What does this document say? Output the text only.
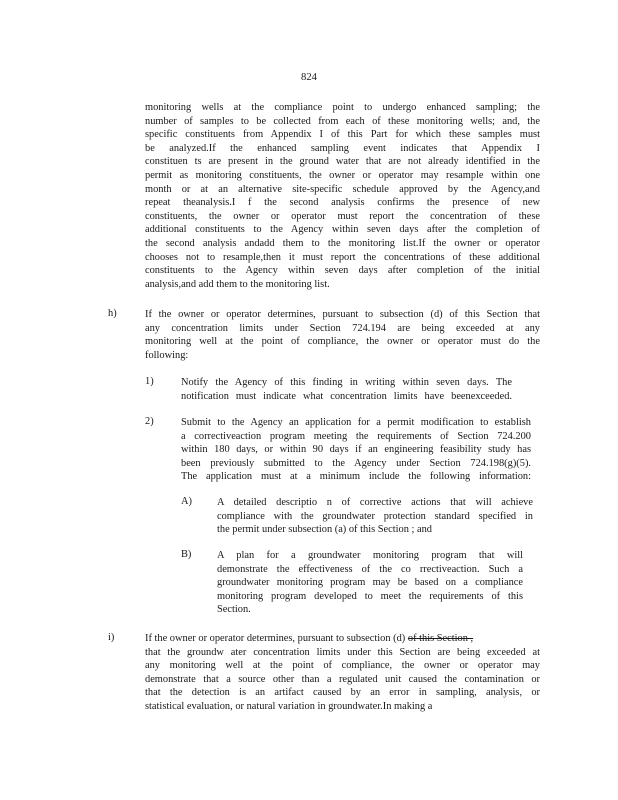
824
monitoring wells at the compliance point to undergo enhanced sampling; the
number of samples to be collected from each of these monitoring wells; and, the
specific constituents from Appendix I of this Part for which these samples must
be analyzed.If the enhanced sampling event indicates that Appendix I
constituen ts are present in the ground water that are not already identified in the
permit as monitoring constituents, the owner or operator may resample within one
month or at an alternative site-specific schedule approved by the Agency,and
repeat theanalysis.I f the second analysis confirms the presence of new
constituents, the owner or operator must report the concentration of these
additional constituents to the Agency within seven days after the completion of
the second analysis andadd them to the monitoring list.If the owner or operator
chooses not to resample,then it must report the concentrations of these additional
constituents to the Agency within seven days after completion of the initial
analysis,and add them to the monitoring list.
h)	If the owner or operator determines, pursuant to subsection (d) of this Section that
any concentration limits under Section 724.194 are being exceeded at any
monitoring well at the point of compliance, the owner or operator must do the
following:
1)	Notify the Agency of this finding in writing within seven days. The
notification must indicate what concentration limits have beenexceeded.
2)	Submit to the Agency an application for a permit modification to establish
a correctiveaction program meeting the requirements of Section 724.200
within 180 days, or within 90 days if an engineering feasibility study has
been previously submitted to the Agency under Section 724.198(g)(5).
The application must at a minimum include the following information:
A) A detailed descriptio n of corrective actions that will achieve
compliance with the groundwater protection standard specified in
the permit under subsection (a) of this Section ; and
B) A plan for a groundwater monitoring program that will
demonstrate the effectiveness of the co rrectiveaction. Such a
groundwater monitoring program may be based on a compliance
monitoring program developed to meet the requirements of this
Section.
i)	If the owner or operator determines, pursuant to subsection (d) of this Section ,
that the groundw ater concentration limits under this Section are being exceeded at
any monitoring well at the point of compliance, the owner or operator may
demonstrate that a source other than a regulated unit caused the contamination or
that the detection is an artifact caused by an error in sampling, analysis, or
statistical evaluation, or natural variation in groundwater.In making a
